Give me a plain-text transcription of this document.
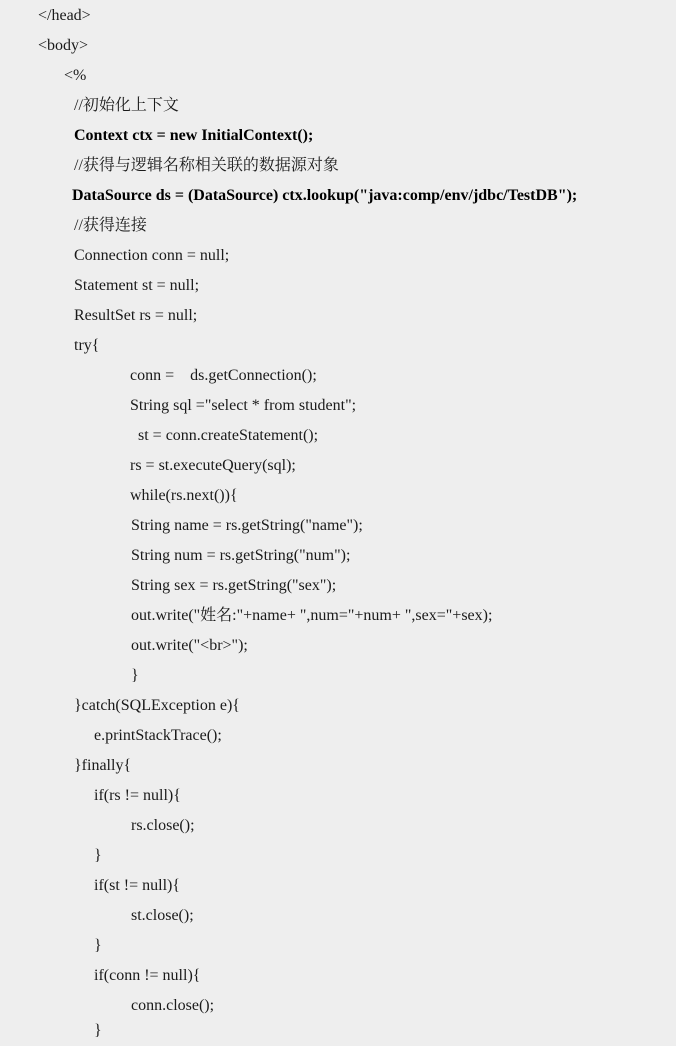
</head>
<body>
<%
//初始化上下文
Context ctx = new InitialContext();
//获得与逻辑名称相关联的数据源对象
DataSource ds = (DataSource) ctx.lookup("java:comp/env/jdbc/TestDB");
//获得连接
Connection conn = null;
Statement st = null;
ResultSet rs = null;
try{
conn =    ds.getConnection();
String sql ="select * from student";
st = conn.createStatement();
rs = st.executeQuery(sql);
while(rs.next()){
String name = rs.getString("name");
String num = rs.getString("num");
String sex = rs.getString("sex");
out.write("姓名:"+name+ ",num="+num+ ",sex="+sex);
out.write("<br>");
}
}catch(SQLException e){
e.printStackTrace();
}finally{
if(rs != null){
rs.close();
}
if(st != null){
st.close();
}
if(conn != null){
conn.close();
}
